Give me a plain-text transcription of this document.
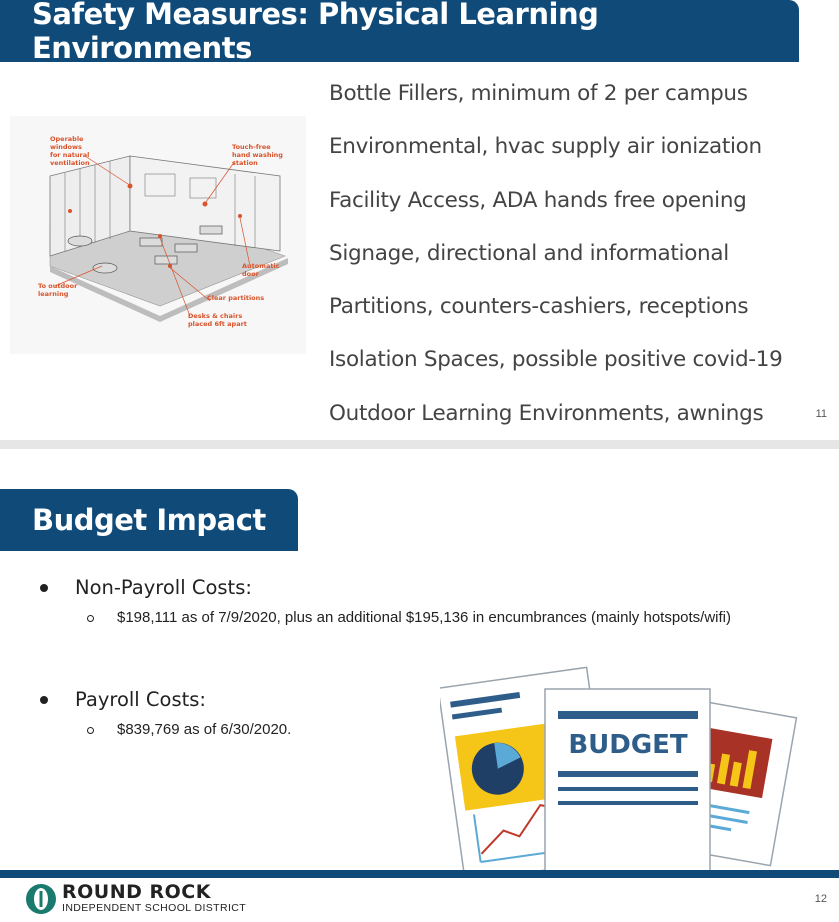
Safety Measures: Physical Learning Environments
Operable windows for natural ventilation
Touch-free hand washing station
Automatic door
To outdoor learning	Clear partitions
Desks & chairs placed 6ft apart
Bottle Fillers, minimum of 2 per campus
Environmental, hvac supply air ionization
Facility Access, ADA hands free opening
Signage, directional and informational
Partitions, counters-cashiers, receptions
Isolation Spaces, possible positive covid-19
Outdoor Learning Environments, awnings	11
Budget Impact
Non-Payroll Costs:
$198,111 as of 7/9/2020, plus an additional $195,136 in encumbrances (mainly hotspots/wifi)
Payroll Costs:
$839,769 as of 6/30/2020.
BUDGET
ROUND ROCK
INDEPENDENT SCHOOL DISTRICT
12
